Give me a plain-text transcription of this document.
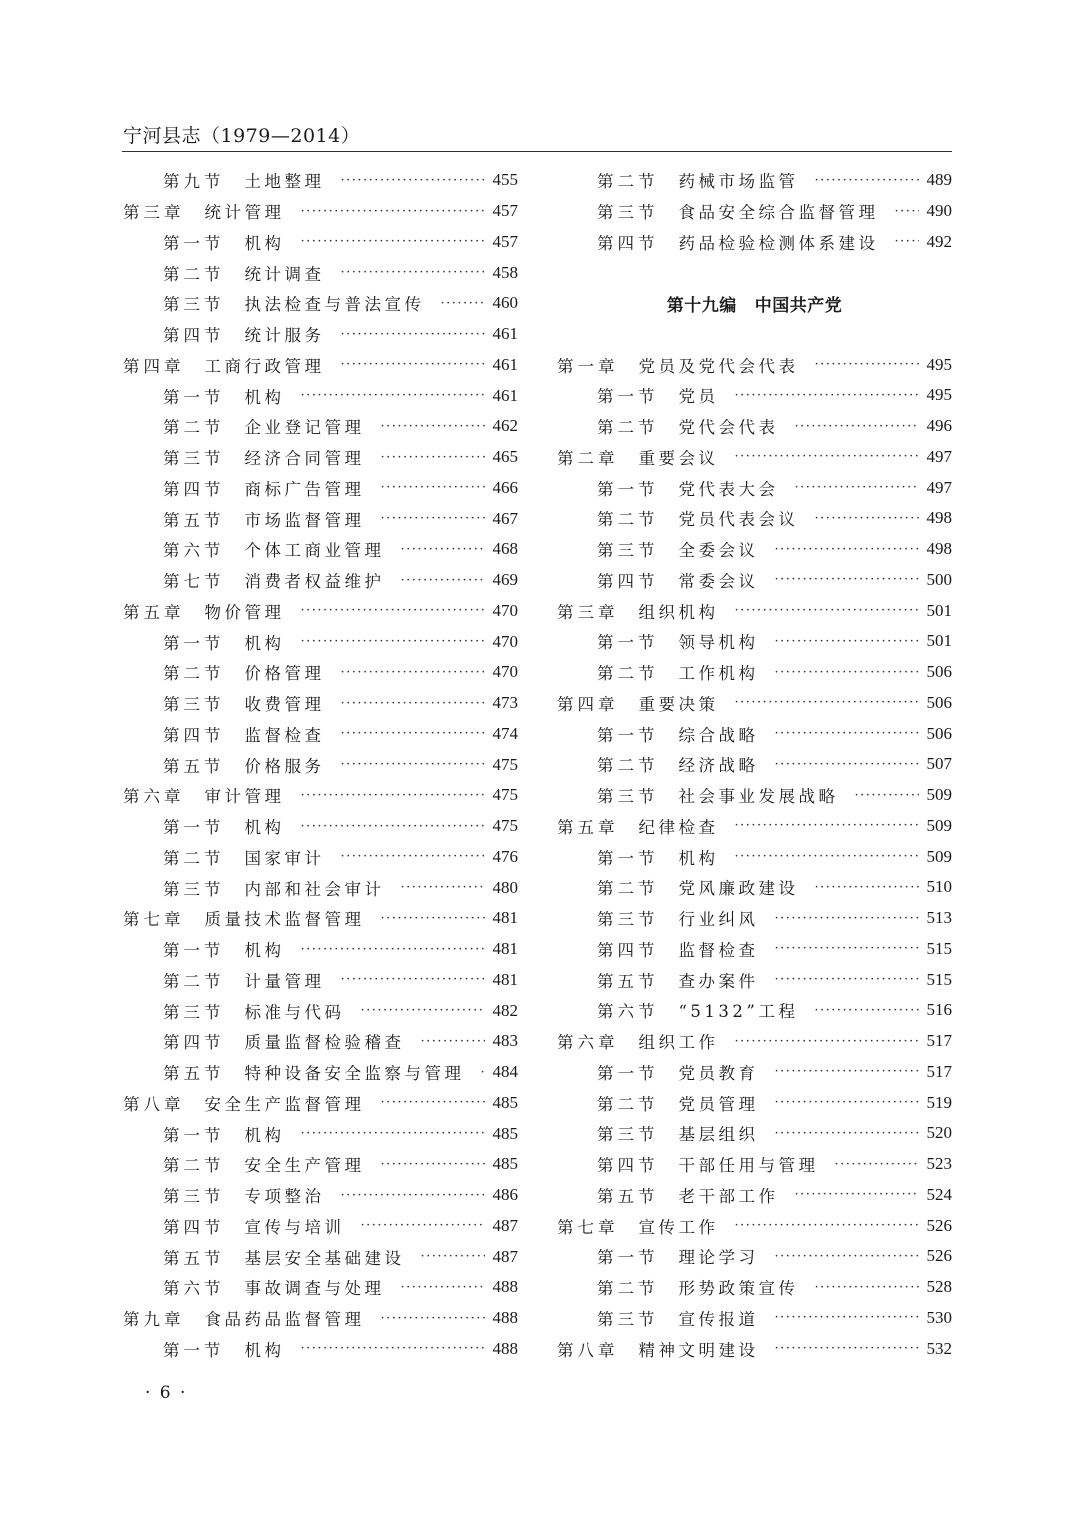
宁河县志（1979—2014）
第九节 土地整理 ·····	455
第三章 统计管理 ·····	457
第一节 机构 ·····	457
第二节 统计调查 ·····	458
第三节 执法检查与普法宣传 ·····	460
第四节 统计服务 ·····	461
第四章 工商行政管理 ·····	461
第一节 机构 ·····	461
第二节 企业登记管理 ·····	462
第三节 经济合同管理 ·····	465
第四节 商标广告管理 ·····	466
第五节 市场监督管理 ·····	467
第六节 个体工商业管理 ·····	468
第七节 消费者权益维护 ·····	469
第五章 物价管理 ·····	470
第一节 机构 ·····	470
第二节 价格管理 ·····	470
第三节 收费管理 ·····	473
第四节 监督检查 ·····	474
第五节 价格服务 ·····	475
第六章 审计管理 ·····	475
第一节 机构 ·····	475
第二节 国家审计 ·····	476
第三节 内部和社会审计 ·····	480
第七章 质量技术监督管理 ·····	481
第一节 机构 ·····	481
第二节 计量管理 ·····	481
第三节 标准与代码 ·····	482
第四节 质量监督检验稽查 ·····	483
第五节 特种设备安全监察与管理 ····· 484
第八章 安全生产监督管理 ·····	485
第一节 机构 ·····	485
第二节 安全生产管理 ·····	485
第三节 专项整治 ·····	486
第四节 宣传与培训 ·····	487
第五节 基层安全基础建设 ·····	487
第六节 事故调查与处理 ·····	488
第九章 食品药品监督管理 ·····	488
第一节 机构 ·····	488
第二节 药械市场监管 ·····	489
第三节 食品安全综合监督管理 ·····	490
第四节 药品检验检测体系建设 ·····	492
第十九编 中国共产党
第一章 党员及党代会代表 ·····	495
第一节 党员 ·····	495
第二节 党代会代表 ·····	496
第二章 重要会议 ·····	497
第一节 党代表大会 ·····	497
第二节 党员代表会议 ·····	498
第三节 全委会议 ·····	498
第四节 常委会议 ·····	500
第三章 组织机构 ·····	501
第一节 领导机构 ·····	501
第二节 工作机构 ·····	506
第四章 重要决策 ·····	506
第一节 综合战略 ·····	506
第二节 经济战略 ·····	507
第三节 社会事业发展战略 ·····	509
第五章 纪律检查 ·····	509
第一节 机构 ·····	509
第二节 党风廉政建设 ·····	510
第三节 行业纠风 ·····	513
第四节 监督检查 ·····	515
第五节 查办案件 ·····	515
第六节 “5132”工程 ·····	516
第六章 组织工作 ·····	517
第一节 党员教育 ·····	517
第二节 党员管理 ·····	519
第三节 基层组织 ·····	520
第四节 干部任用与管理 ·····	523
第五节 老干部工作 ·····	524
第七章 宣传工作 ·····	526
第一节 理论学习 ·····	526
第二节 形势政策宣传 ·····	528
第三节 宣传报道 ·····	530
第八章 精神文明建设 ·····	532
· 6 ·
